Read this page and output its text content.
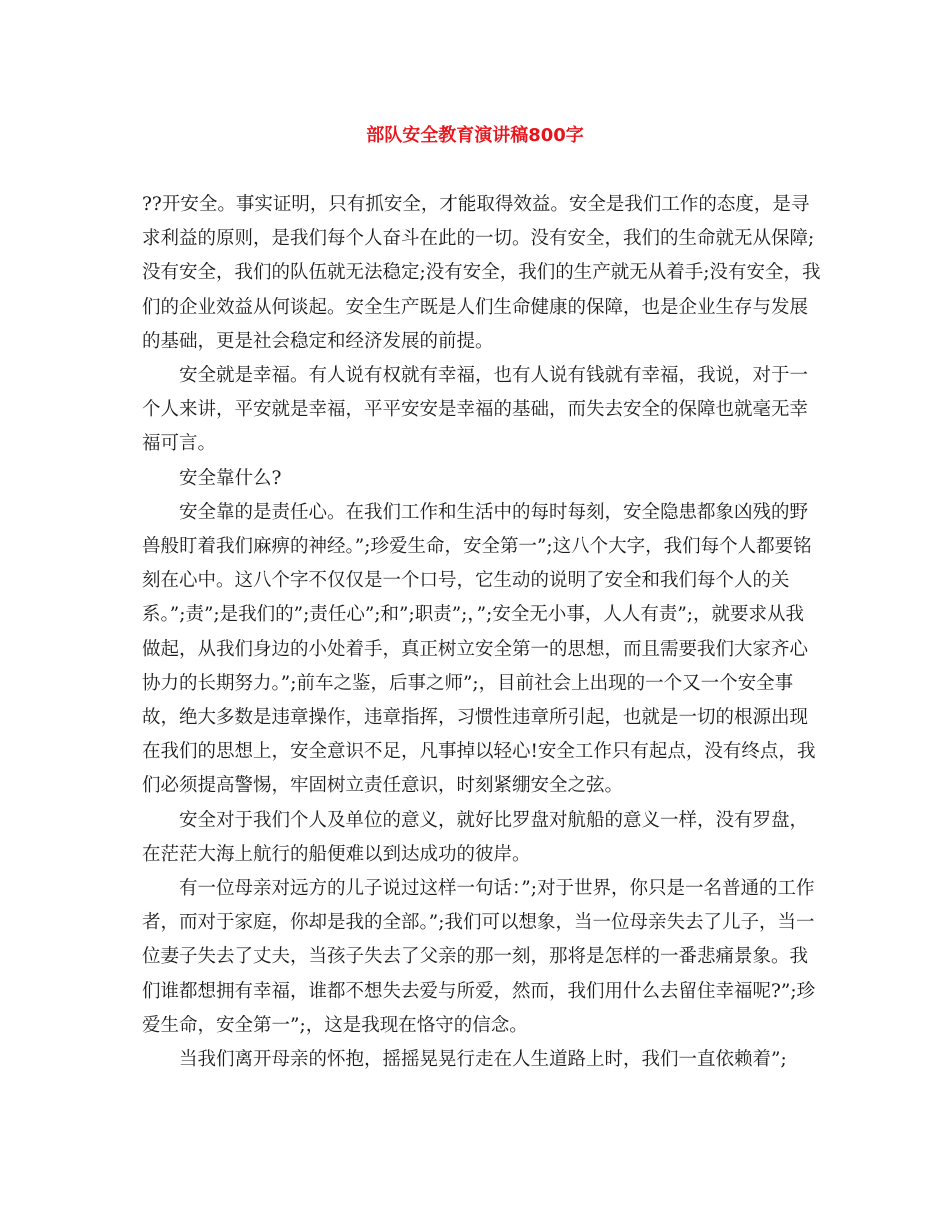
部队安全教育演讲稿800字

??开安全。事实证明，只有抓安全，才能取得效益。安全是我们工作的态度，是寻求利益的原则，是我们每个人奋斗在此的一切。没有安全，我们的生命就无从保障;没有安全，我们的队伍就无法稳定;没有安全，我们的生产就无从着手;没有安全，我们的企业效益从何谈起。安全生产既是人们生命健康的保障，也是企业生存与发展的基础，更是社会稳定和经济发展的前提。

安全就是幸福。有人说有权就有幸福，也有人说有钱就有幸福，我说，对于一个人来讲，平安就是幸福，平平安安是幸福的基础，而失去安全的保障也就毫无幸福可言。

安全靠什么?

安全靠的是责任心。在我们工作和生活中的每时每刻，安全隐患都象凶残的野兽般盯着我们麻痹的神经。”;珍爱生命，安全第一”;这八个大字，我们每个人都要铭刻在心中。这八个字不仅仅是一个口号，它生动的说明了安全和我们每个人的关系。”;责”;是我们的”;责任心”;和”;职责”;，”;安全无小事，人人有责”;，就要求从我做起，从我们身边的小处着手，真正树立安全第一的思想，而且需要我们大家齐心协力的长期努力。”;前车之鉴，后事之师”;，目前社会上出现的一个又一个安全事故，绝大多数是违章操作，违章指挥，习惯性违章所引起，也就是一切的根源出现在我们的思想上，安全意识不足，凡事掉以轻心!安全工作只有起点，没有终点，我们必须提高警惕，牢固树立责任意识，时刻紧绷安全之弦。

安全对于我们个人及单位的意义，就好比罗盘对航船的意义一样，没有罗盘，在茫茫大海上航行的船便难以到达成功的彼岸。

有一位母亲对远方的儿子说过这样一句话：”;对于世界，你只是一名普通的工作者，而对于家庭，你却是我的全部。”;我们可以想象，当一位母亲失去了儿子，当一位妻子失去了丈夫，当孩子失去了父亲的那一刻，那将是怎样的一番悲痛景象。我们谁都想拥有幸福，谁都不想失去爱与所爱，然而，我们用什么去留住幸福呢?”;珍爱生命，安全第一”;，这是我现在恪守的信念。

当我们离开母亲的怀抱，摇摇晃晃行走在人生道路上时，我们一直依赖着”;
